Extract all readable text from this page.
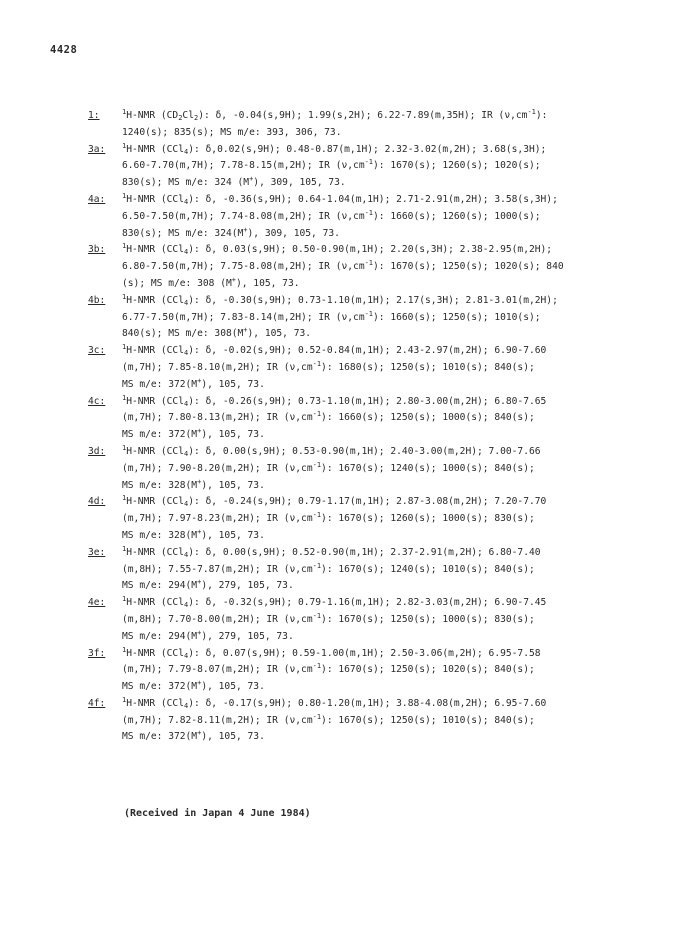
4428
1:	$^1$H-NMR $(CD_2Cl_2)$: δ, -0.04(s,9H); 1.99(s,2H); 6.22-7.89(m,35H); IR $(\nu,cm^{-1})$:
1240(s); 835(s); MS m/e: 393, 306, 73.
3a:	$^1$H-NMR (CCl$_4$): δ,0.02(s,9H); 0.48-0.87(m,1H); 2.32-3.02(m,2H); 3.68(s,3H);
6.60-7.70(m,7H); 7.78-8.15(m,2H); IR $(\nu,cm^{-1})$: 1670(s); 1260(s); 1020(s);
830(s); MS m/e: 324 (M+), 309, 105, 73.
4a:	$^1$H-NMR (CCl$_4$): δ, -0.36(s,9H); 0.64-1.04(m,1H); 2.71-2.91(m,2H); 3.58(s,3H);
6.50-7.50(m,7H); 7.74-8.08(m,2H); IR $(\nu,cm^{-1})$: 1660(s); 1260(s); 1000(s);
830(s); MS m/e: 324(M+), 309, 105, 73.
3b:	$^1$H-NMR (CCl$_4$): δ, 0.03(s,9H); 0.50-0.90(m,1H); 2.20(s,3H); 2.38-2.95(m,2H);
6.80-7.50(m,7H); 7.75-8.08(m,2H); IR $(\nu,cm^{-1})$: 1670(s); 1250(s); 1020(s); 840
(s); MS m/e: 308 (M+), 105, 73.
4b:	$^1$H-NMR (CCl$_4$): δ, -0.30(s,9H); 0.73-1.10(m,1H); 2.17(s,3H); 2.81-3.01(m,2H);
6.77-7.50(m,7H); 7.83-8.14(m,2H); IR $(\nu,cm^{-1})$: 1660(s); 1250(s); 1010(s);
840(s); MS m/e: 308(M+), 105, 73.
3c:	$^1$H-NMR (CCl$_4$): δ, -0.02(s,9H); 0.52-0.84(m,1H); 2.43-2.97(m,2H); 6.90-7.60
(m,7H); 7.85-8.10(m,2H); IR $(\nu,cm^{-1})$: 1680(s); 1250(s); 1010(s); 840(s);
MS m/e: 372(M+), 105, 73.
4c:	$^1$H-NMR (CCl$_4$): δ, -0.26(s,9H); 0.73-1.10(m,1H); 2.80-3.00(m,2H); 6.80-7.65
(m,7H); 7.80-8.13(m,2H); IR $(\nu,cm^{-1})$: 1660(s); 1250(s); 1000(s); 840(s);
MS m/e: 372(M+), 105, 73.
3d:	$^1$H-NMR (CCl$_4$): δ, 0.00(s,9H); 0.53-0.90(m,1H); 2.40-3.00(m,2H); 7.00-7.66
(m,7H); 7.90-8.20(m,2H); IR $(\nu,cm^{-1})$: 1670(s); 1240(s); 1000(s); 840(s);
MS m/e: 328(M+), 105, 73.
4d:	$^1$H-NMR (CCl$_4$): δ, -0.24(s,9H); 0.79-1.17(m,1H); 2.87-3.08(m,2H); 7.20-7.70
(m,7H); 7.97-8.23(m,2H); IR $(\nu,cm^{-1})$: 1670(s); 1260(s); 1000(s); 830(s);
MS m/e: 328(M+), 105, 73.
3e:	$^1$H-NMR (CCl$_4$): δ, 0.00(s,9H); 0.52-0.90(m,1H); 2.37-2.91(m,2H); 6.80-7.40
(m,8H); 7.55-7.87(m,2H); IR $(\nu,cm^{-1})$: 1670(s); 1240(s); 1010(s); 840(s);
MS m/e: 294(M+), 279, 105, 73.
4e:	$^1$H-NMR (CCl$_4$): δ, -0.32(s,9H); 0.79-1.16(m,1H); 2.82-3.03(m,2H); 6.90-7.45
(m,8H); 7.70-8.00(m,2H); IR $(\nu,cm^{-1})$: 1670(s); 1250(s); 1000(s); 830(s);
MS m/e: 294(M+), 279, 105, 73.
3f:	$^1$H-NMR (CCl$_4$): δ, 0.07(s,9H); 0.59-1.00(m,1H); 2.50-3.06(m,2H); 6.95-7.58
(m,7H); 7.79-8.07(m,2H); IR $(\nu,cm^{-1})$: 1670(s); 1250(s); 1020(s); 840(s);
MS m/e: 372(M+), 105, 73.
4f:	$^1$H-NMR (CCl$_4$): δ, -0.17(s,9H); 0.80-1.20(m,1H); 3.88-4.08(m,2H); 6.95-7.60
(m,7H); 7.82-8.11(m,2H); IR $(\nu,cm^{-1})$: 1670(s); 1250(s); 1010(s); 840(s);
MS m/e: 372(M+), 105, 73.
(Received in Japan 4 June 1984)
